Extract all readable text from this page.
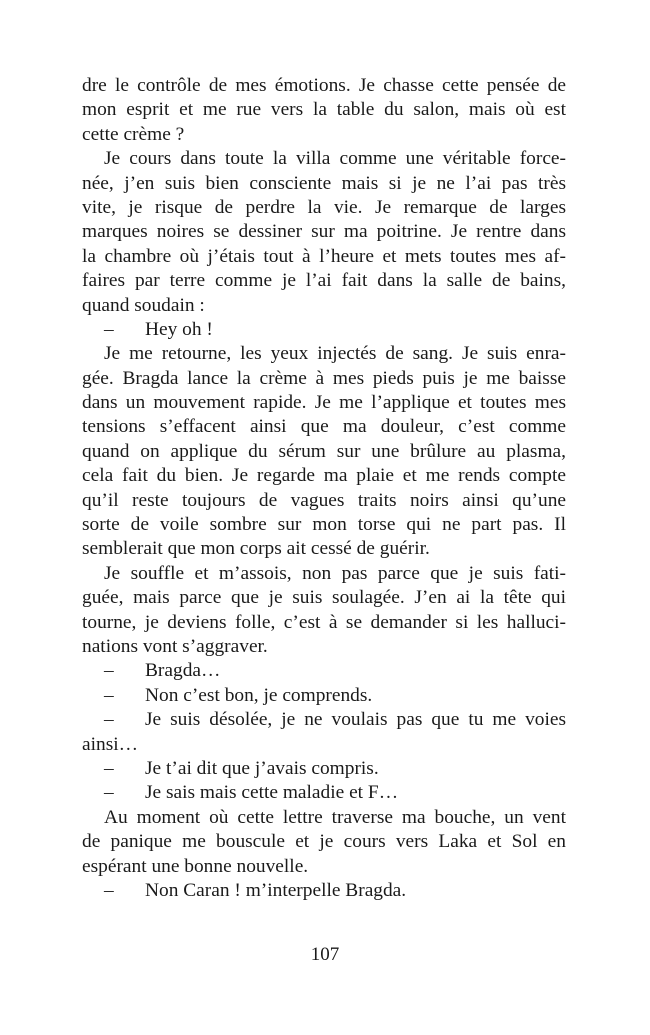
dre le contrôle de mes émotions. Je chasse cette pensée de
mon esprit et me rue vers la table du salon, mais où est
cette crème ?
Je cours dans toute la villa comme une véritable force-
née, j’en suis bien consciente mais si je ne l’ai pas très
vite, je risque de perdre la vie. Je remarque de larges
marques noires se dessiner sur ma poitrine. Je rentre dans
la chambre où j’étais tout à l’heure et mets toutes mes af-
faires par terre comme je l’ai fait dans la salle de bains,
quand soudain :
– Hey oh !
Je me retourne, les yeux injectés de sang. Je suis enra-
gée. Bragda lance la crème à mes pieds puis je me baisse
dans un mouvement rapide. Je me l’applique et toutes mes
tensions s’effacent ainsi que ma douleur, c’est comme
quand on applique du sérum sur une brûlure au plasma,
cela fait du bien. Je regarde ma plaie et me rends compte
qu’il reste toujours de vagues traits noirs ainsi qu’une
sorte de voile sombre sur mon torse qui ne part pas. Il
semblerait que mon corps ait cessé de guérir.
Je souffle et m’assois, non pas parce que je suis fati-
guée, mais parce que je suis soulagée. J’en ai la tête qui
tourne, je deviens folle, c’est à se demander si les halluci-
nations vont s’aggraver.
– Bragda…
– Non c’est bon, je comprends.
– Je suis désolée, je ne voulais pas que tu me voies
ainsi…
– Je t’ai dit que j’avais compris.
– Je sais mais cette maladie et F…
Au moment où cette lettre traverse ma bouche, un vent
de panique me bouscule et je cours vers Laka et Sol en
espérant une bonne nouvelle.
– Non Caran ! m’interpelle Bragda.
107
